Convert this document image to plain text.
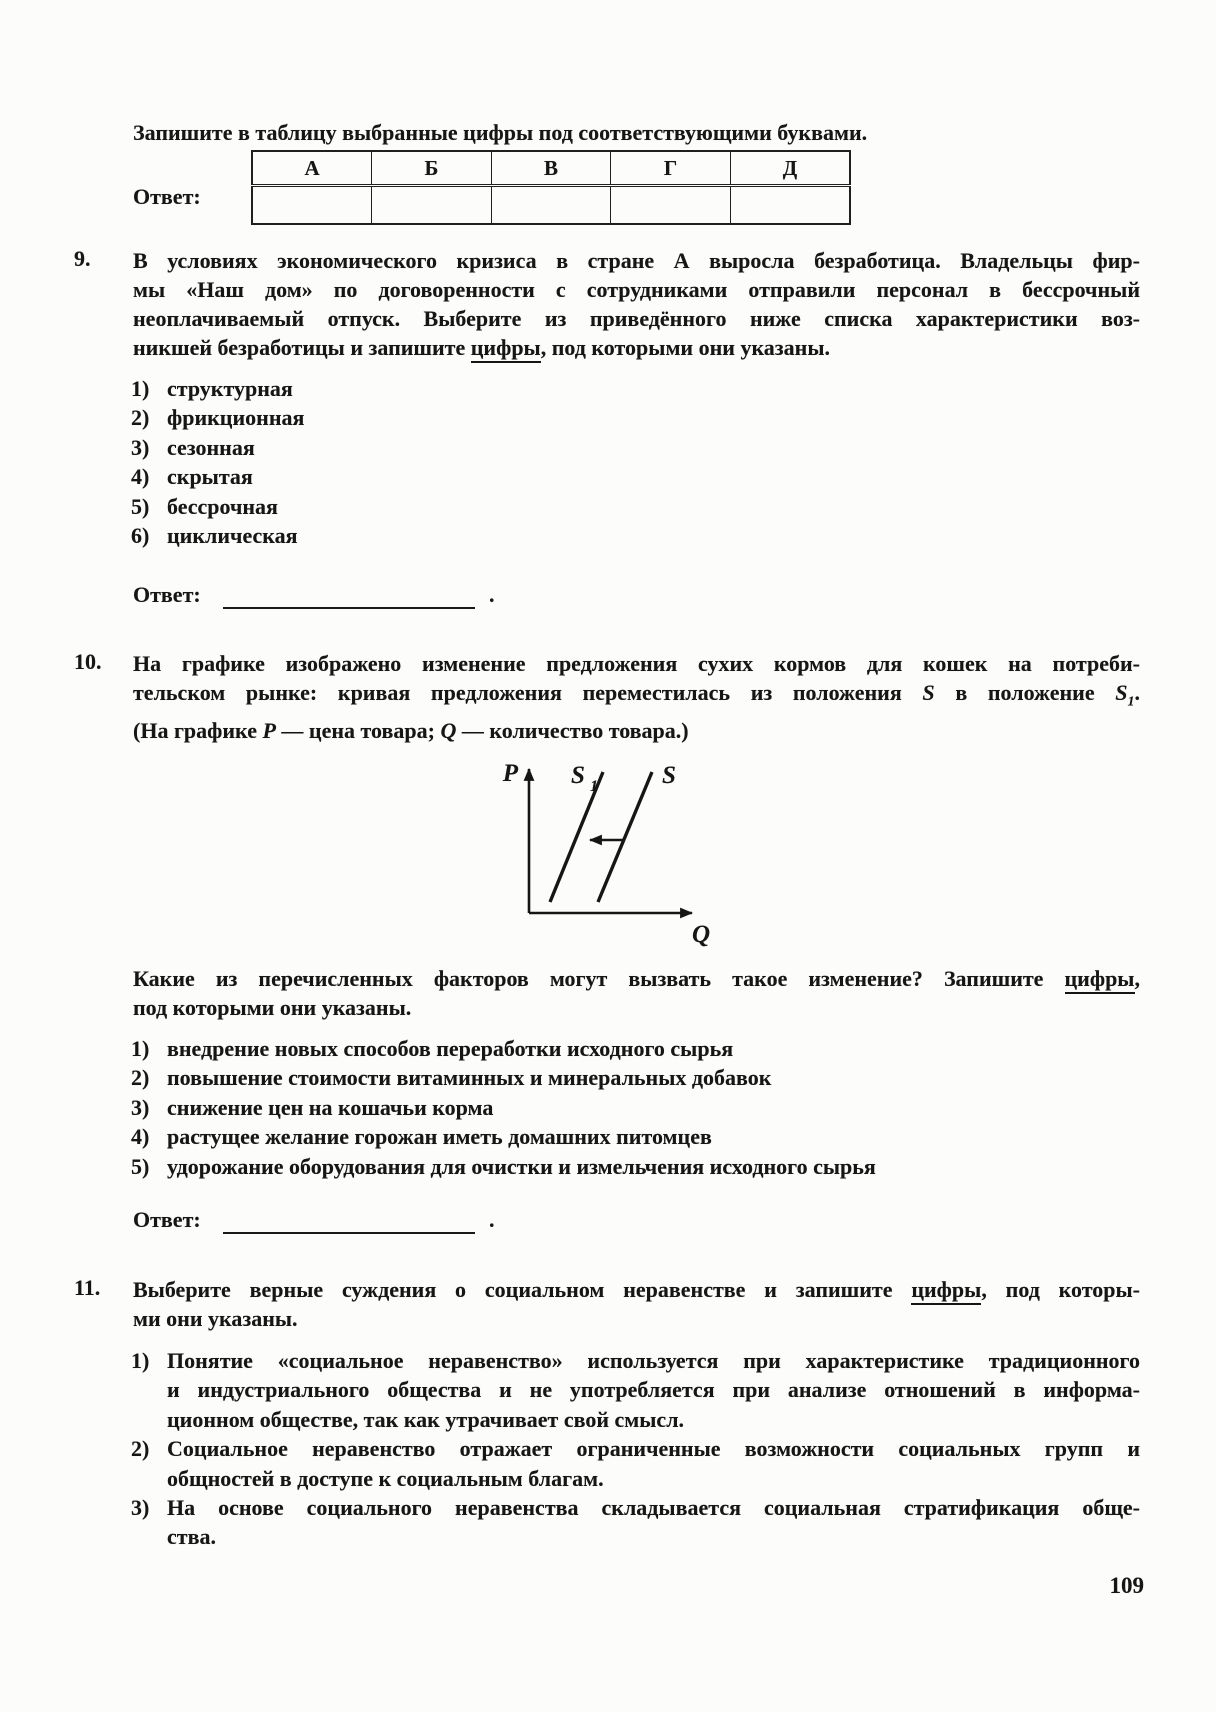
Запишите в таблицу выбранные цифры под соответствующими буквами.
Ответ:
А	Б	В	Г	Д

9. В условиях экономического кризиса в стране А выросла безработица. Владельцы фир-
мы «Наш дом» по договоренности с сотрудниками отправили персонал в бессрочный
неоплачиваемый отпуск. Выберите из приведённого ниже списка характеристики воз-
никшей безработицы и запишите цифры, под которыми они указаны.
1) структурная
2) фрикционная
3) сезонная
4) скрытая
5) бессрочная
6) циклическая
Ответ:	.
10. На графике изображено изменение предложения сухих кормов для кошек на потреби-
тельском рынке: кривая предложения переместилась из положения S в положение $S_1$.
(На графике P — цена товара; Q — количество товара.)
P
Q
S 1	S
Какие из перечисленных факторов могут вызвать такое изменение? Запишите цифры,
под которыми они указаны.
1) внедрение новых способов переработки исходного сырья
2) повышение стоимости витаминных и минеральных добавок
3) снижение цен на кошачьи корма
4) растущее желание горожан иметь домашних питомцев
5) удорожание оборудования для очистки и измельчения исходного сырья
Ответ:	.
11. Выберите верные суждения о социальном неравенстве и запишите цифры, под которы-
ми они указаны.
1) Понятие «социальное неравенство» используется при характеристике традиционного
и индустриального общества и не употребляется при анализе отношений в информа-
ционном обществе, так как утрачивает свой смысл.
2) Социальное неравенство отражает ограниченные возможности социальных групп и
общностей в доступе к социальным благам.
3) На основе социального неравенства складывается социальная стратификация обще-
ства.
109
